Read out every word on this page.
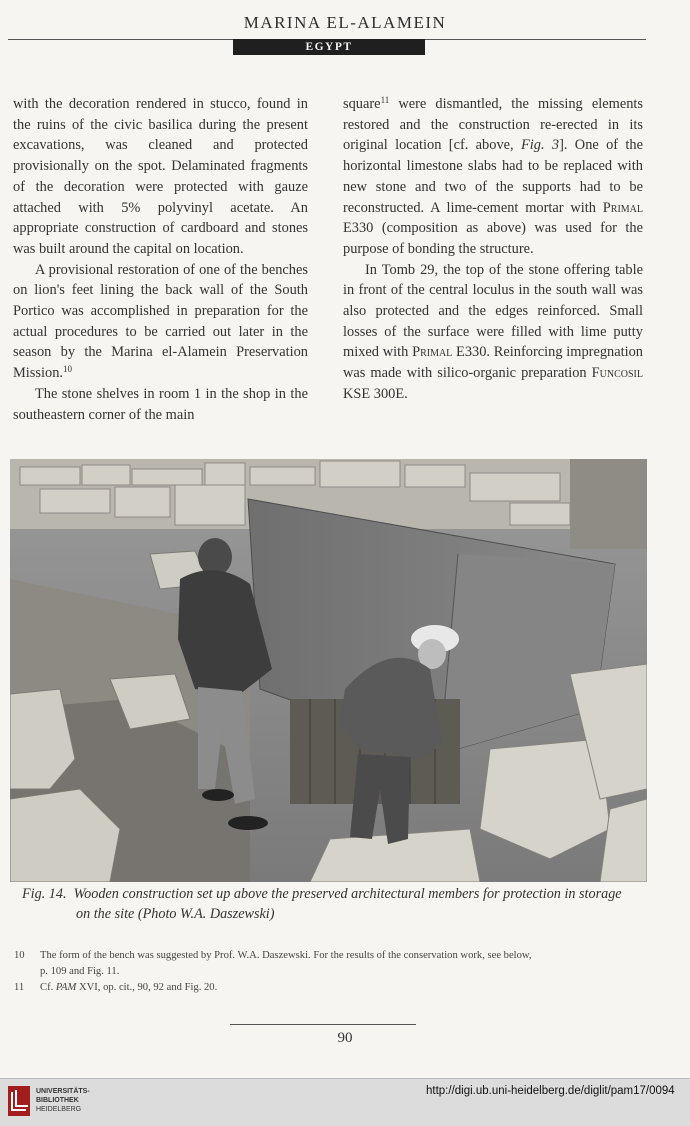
MARINA EL-ALAMEIN
EGYPT

with the decoration rendered in stucco, found in the ruins of the civic basilica during the present excavations, was cleaned and protected provisionally on the spot. Delaminated fragments of the decoration were protected with gauze attached with 5% polyvinyl acetate. An appropriate construction of cardboard and stones was built around the capital on location.

A provisional restoration of one of the benches on lion's feet lining the back wall of the South Portico was accomplished in preparation for the actual procedures to be carried out later in the season by the Marina el-Alamein Preservation Mission.$^{10}$

The stone shelves in room 1 in the shop in the southeastern corner of the main

square$^{11}$ were dismantled, the missing elements restored and the construction re-erected in its original location [cf. above, Fig. 3]. One of the horizontal limestone slabs had to be replaced with new stone and two of the supports had to be reconstructed. A lime-cement mortar with Primal E330 (composition as above) was used for the purpose of bonding the structure.

In Tomb 29, the top of the stone offering table in front of the central loculus in the south wall was also protected and the edges reinforced. Small losses of the surface were filled with lime putty mixed with Primal E330. Reinforcing impregnation was made with silico-organic preparation Funcosil KSE 300E.

Fig. 14. Wooden construction set up above the preserved architectural members for protection in storage
on the site (Photo W.A. Daszewski)
10	The form of the bench was suggested by Prof. W.A. Daszewski. For the results of the conservation work, see below,
p. 109 and Fig. 11.
11	Cf. PAM XVI, op. cit., 90, 92 and Fig. 20.
90
UNIVERSITÄTS-
BIBLIOTHEK
HEIDELBERG
http://digi.ub.uni-heidelberg.de/diglit/pam17/0094
